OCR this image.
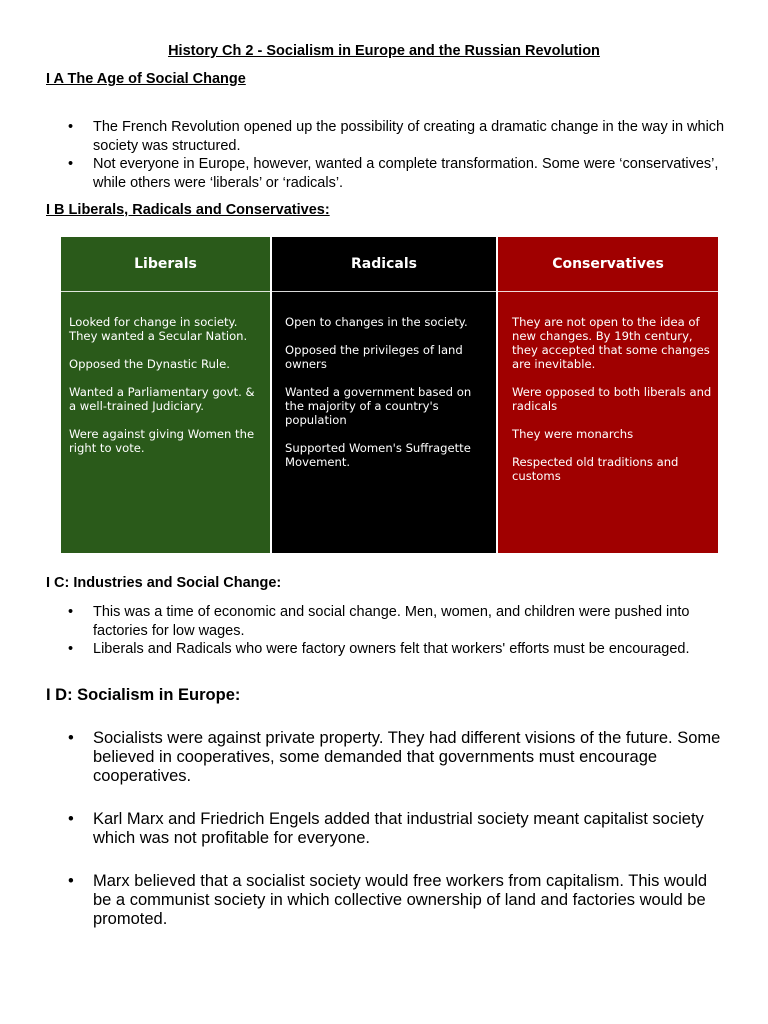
History Ch 2 - Socialism in Europe and the Russian Revolution
I A The Age of Social Change
• The French Revolution opened up the possibility of creating a dramatic change in the way in which society was structured.
• Not everyone in Europe, however, wanted a complete transformation. Some were ‘conservatives’, while others were ‘liberals’ or ‘radicals’.
I B Liberals, Radicals and Conservatives:
Liberals

Looked for change in society. They wanted a Secular Nation.

Opposed the Dynastic Rule.

Wanted a Parliamentary govt. & a well-trained Judiciary.

Were against giving Women the right to vote.

Radicals

Open to changes in the society.

Opposed the privileges of land owners

Wanted a government based on the majority of a country's population

Supported Women's Suffragette Movement.

Conservatives

They are not open to the idea of new changes. By 19th century, they accepted that some changes are inevitable.

Were opposed to both liberals and radicals

They were monarchs

Respected old traditions and customs

I C: Industries and Social Change:
• This was a time of economic and social change. Men, women, and children were pushed into factories for low wages.
• Liberals and Radicals who were factory owners felt that workers' efforts must be encouraged.
I D: Socialism in Europe:
• Socialists were against private property. They had different visions of the future. Some believed in cooperatives, some demanded that governments must encourage cooperatives.
• Karl Marx and Friedrich Engels added that industrial society meant capitalist society which was not profitable for everyone.
• Marx believed that a socialist society would free workers from capitalism. This would be a communist society in which collective ownership of land and factories would be promoted.
